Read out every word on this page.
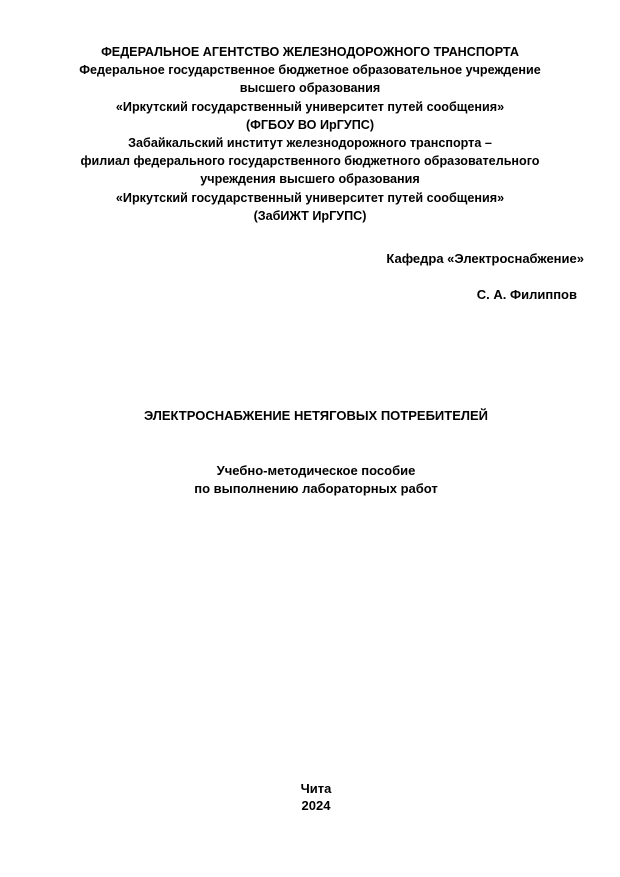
ФЕДЕРАЛЬНОЕ АГЕНТСТВО ЖЕЛЕЗНОДОРОЖНОГО ТРАНСПОРТА
Федеральное государственное бюджетное образовательное учреждение
высшего образования
«Иркутский государственный университет путей сообщения»
(ФГБОУ ВО ИрГУПС)
Забайкальский институт железнодорожного транспорта –
филиал федерального государственного бюджетного образовательного
учреждения высшего образования
«Иркутский государственный университет путей сообщения»
(ЗабИЖТ ИрГУПС)
Кафедра «Электроснабжение»
С. А. Филиппов
ЭЛЕКТРОСНАБЖЕНИЕ НЕТЯГОВЫХ ПОТРЕБИТЕЛЕЙ
Учебно-методическое пособие
по выполнению лабораторных работ
Чита
2024
